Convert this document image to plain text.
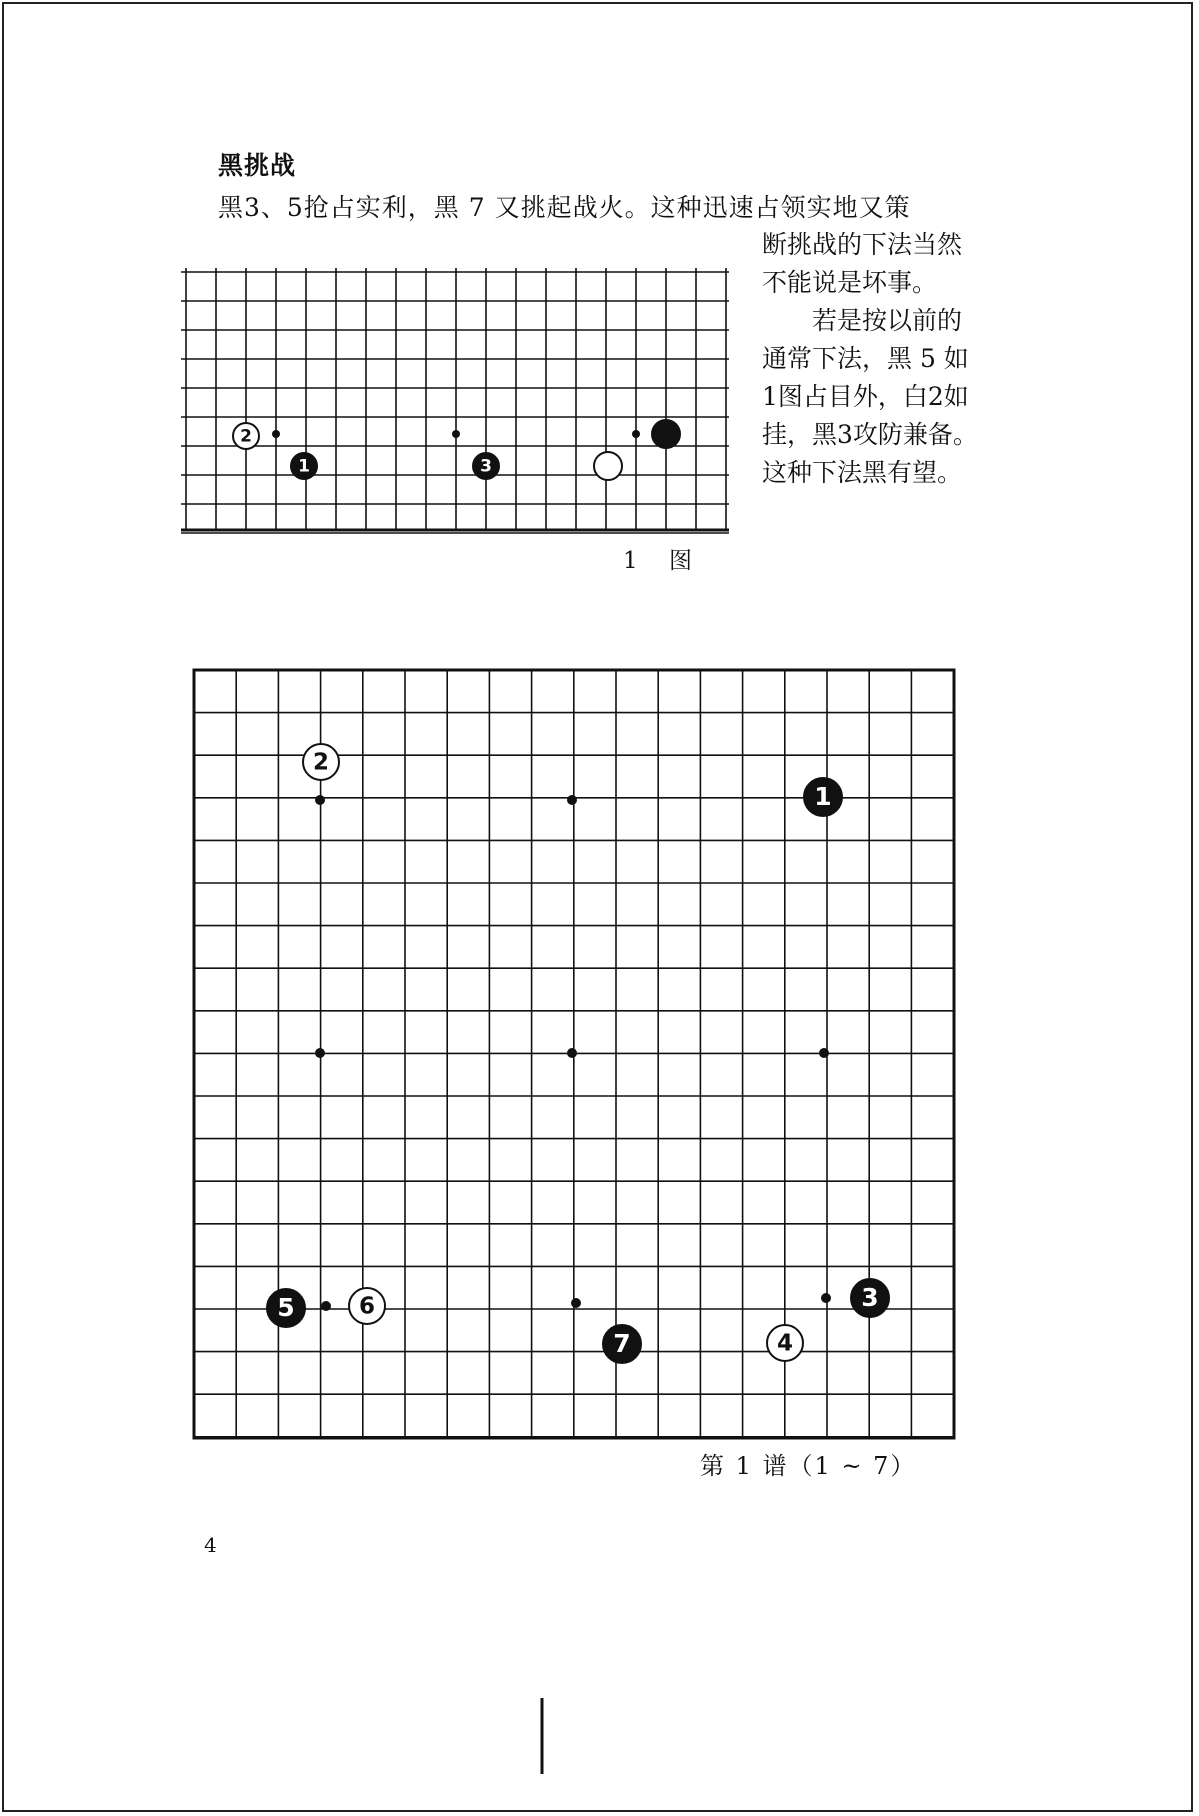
黑挑战
黑3、5抢占实利，黑 7 又挑起战火。这种迅速占领实地又策
断挑战的下法当然
不能说是坏事。
若是按以前的
通常下法，黑 5 如
1图占目外，白2如
挂，黑3攻防兼备。
这种下法黑有望。
2
1	3
1
2
3
4
5	6
7
1 图
第 1 谱（1 ~ 7）
4
